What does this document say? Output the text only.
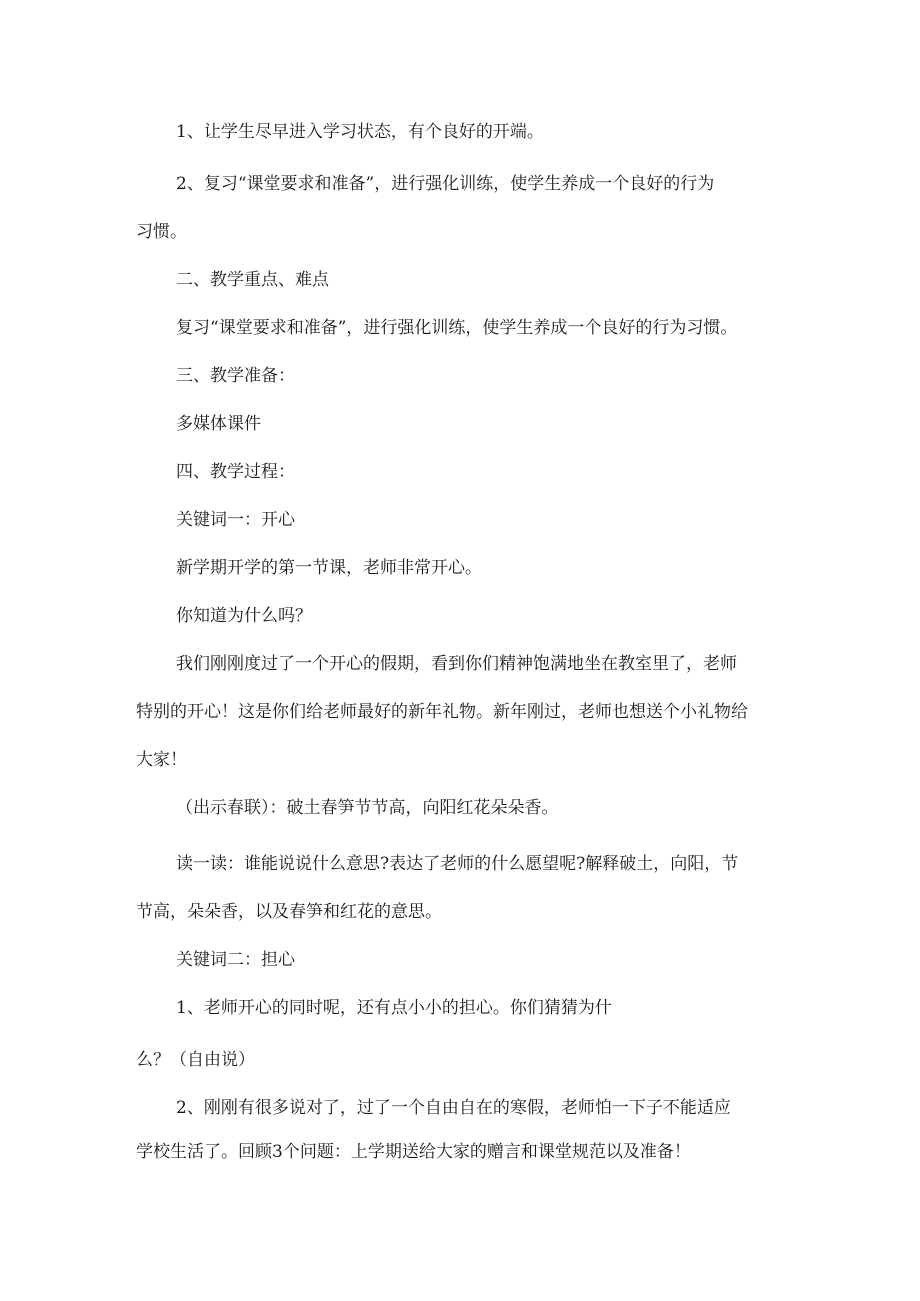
1、让学生尽早进入学习状态，有个良好的开端。
2、复习“课堂要求和准备”，进行强化训练，使学生养成一个良好的行为
习惯。
二、教学重点、难点
复习“课堂要求和准备”，进行强化训练，使学生养成一个良好的行为习惯。
三、教学准备：
多媒体课件
四、教学过程：
关键词一：开心
新学期开学的第一节课，老师非常开心。
你知道为什么吗？
我们刚刚度过了一个开心的假期，看到你们精神饱满地坐在教室里了，老师
特别的开心！这是你们给老师最好的新年礼物。新年刚过，老师也想送个小礼物给
大家！
（出示春联）：破土春笋节节高，向阳红花朵朵香。
读一读：谁能说说什么意思?表达了老师的什么愿望呢?解释破土，向阳，节
节高，朵朵香，以及春笋和红花的意思。
关键词二：担心
1、老师开心的同时呢，还有点小小的担心。你们猜猜为什
么？（自由说）
2、刚刚有很多说对了，过了一个自由自在的寒假，老师怕一下子不能适应
学校生活了。回顾3个问题：上学期送给大家的赠言和课堂规范以及准备！
